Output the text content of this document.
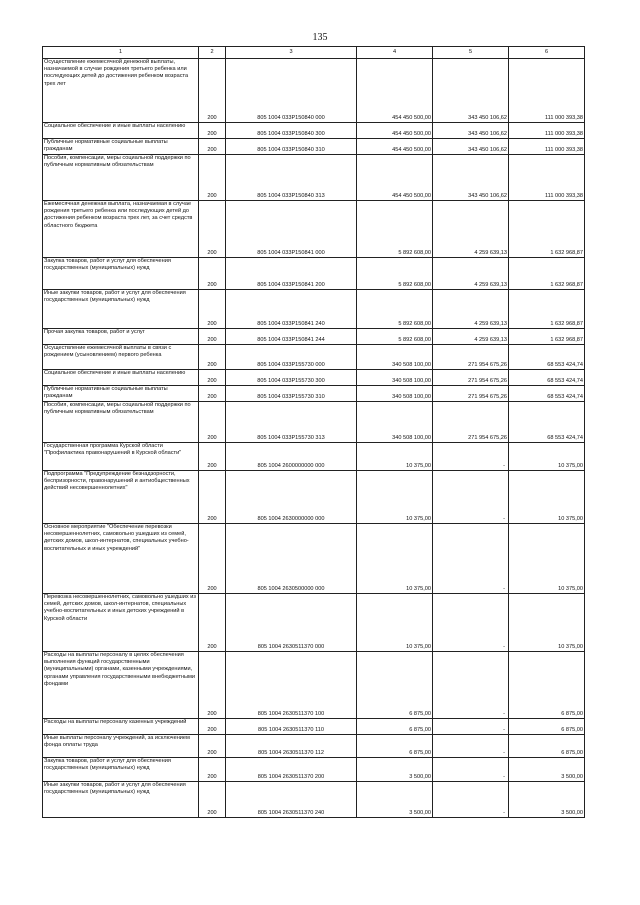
135
1	2	3	4	5	6
Осуществление ежемесячной денежной выплаты, назначаемой в случае рождения третьего ребенка или последующих детей до достижения ребенком возраста трех лет	200	805 1004 033Р150840 000	454 450 500,00	343 450 106,62	111 000 393,38
Социальное обеспечение и иные выплаты населению	200	805 1004 033Р150840 300	454 450 500,00	343 450 106,62	111 000 393,38
Публичные нормативные социальные выплаты гражданам	200	805 1004 033Р150840 310	454 450 500,00	343 450 106,62	111 000 393,38
Пособия, компенсации, меры социальной поддержки по публичным нормативным обязательствам	200	805 1004 033Р150840 313	454 450 500,00	343 450 106,62	111 000 393,38
Ежемесячная денежная выплата, назначаемая в случае рождения третьего ребенка или последующих детей до достижения ребенком возраста трех лет, за счет средств областного бюджета	200	805 1004 033Р150841 000	5 892 608,00	4 259 639,13	1 632 968,87
Закупка товаров, работ и услуг для обеспечения государственных (муниципальных) нужд	200	805 1004 033Р150841 200	5 892 608,00	4 259 639,13	1 632 968,87
Иные закупки товаров, работ и услуг для обеспечения государственных (муниципальных) нужд	200	805 1004 033Р150841 240	5 892 608,00	4 259 639,13	1 632 968,87
Прочая закупка товаров, работ и услуг	200	805 1004 033Р150841 244	5 892 608,00	4 259 639,13	1 632 968,87
Осуществление ежемесячной выплаты в связи с рождением (усыновлением) первого ребенка	200	805 1004 033Р155730 000	340 508 100,00	271 954 675,26	68 553 424,74
Социальное обеспечение и иные выплаты населению	200	805 1004 033Р155730 300	340 508 100,00	271 954 675,26	68 553 424,74
Публичные нормативные социальные выплаты гражданам	200	805 1004 033Р155730 310	340 508 100,00	271 954 675,26	68 553 424,74
Пособия, компенсации, меры социальной поддержки по публичным нормативным обязательствам	200	805 1004 033Р155730 313	340 508 100,00	271 954 675,26	68 553 424,74
Государственная программа Курской области "Профилактика правонарушений в Курской области"	200	805 1004 2600000000 000	10 375,00	-	10 375,00
Подпрограмма "Предупреждение безнадзорности, беспризорности, правонарушений и антиобщественных действий несовершеннолетних"	200	805 1004 2630000000 000	10 375,00	-	10 375,00
Основное мероприятие "Обеспечение перевозки несовершеннолетних, самовольно ушедших из семей, детских домов, школ-интернатов, специальных учебно-воспитательных и иных учреждений"	200	805 1004 2630500000 000	10 375,00	-	10 375,00
Перевозка несовершеннолетних, самовольно ушедших из семей, детских домов, школ-интернатов, специальных учебно-воспитательных и иных детских учреждений в Курской области	200	805 1004 2630511370 000	10 375,00	-	10 375,00
Расходы на выплаты персоналу в целях обеспечения выполнения функций государственными (муниципальными) органами, казенными учреждениями, органами управления государственными внебюджетными фондами	200	805 1004 2630511370 100	6 875,00	-	6 875,00
Расходы на выплаты персоналу казенных учреждений	200	805 1004 2630511370 110	6 875,00	-	6 875,00
Иные выплаты персоналу учреждений, за исключением фонда оплаты труда	200	805 1004 2630511370 112	6 875,00	-	6 875,00
Закупка товаров, работ и услуг для обеспечения государственных (муниципальных) нужд	200	805 1004 2630511370 200	3 500,00	-	3 500,00
Иные закупки товаров, работ и услуг для обеспечения государственных (муниципальных) нужд	200	805 1004 2630511370 240	3 500,00	-	3 500,00
